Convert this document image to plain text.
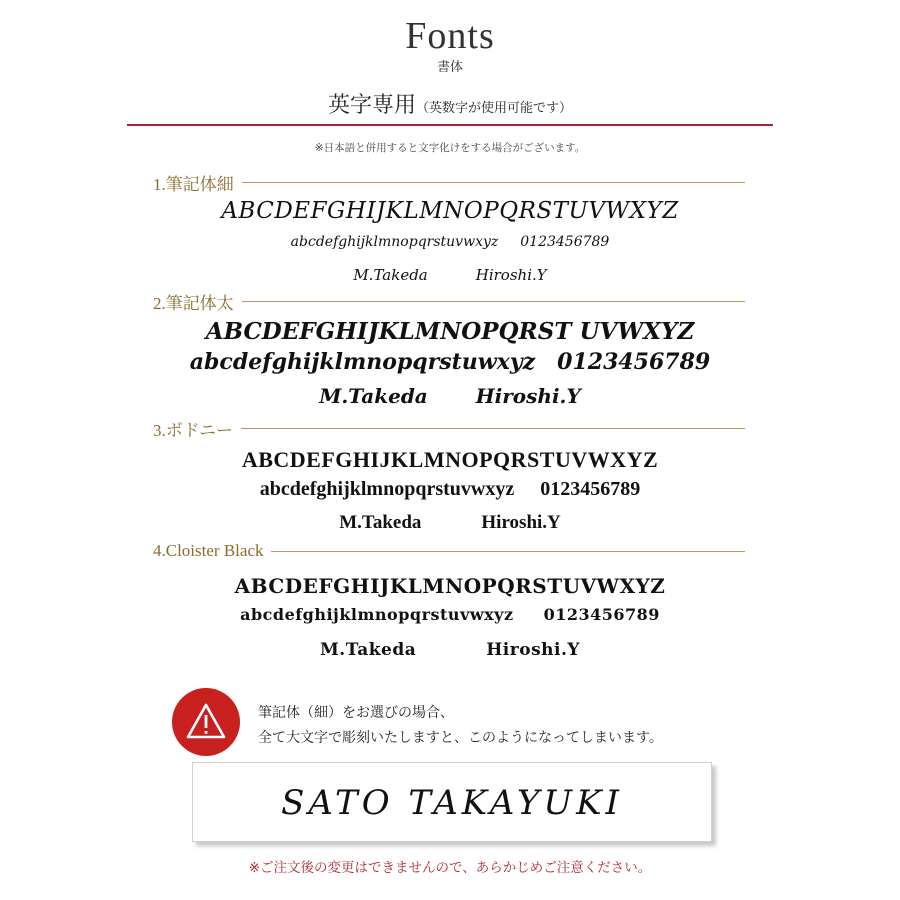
Fonts
書体
英字専用（英数字が使用可能です）
※日本語と併用すると文字化けをする場合がございます。
1.筆記体細
ABCDEFGHIJKLMNOPQRSTUVWXYZ
abcdefghijklmnopqrstuvwxyz 0123456789
M.Takeda	Hiroshi.Y
2.筆記体太
ABCDEFGHIJKLMNOPQRST UVWXYZ
abcdefghijklmnopqrstuwxyz 0123456789
M.Takeda Hiroshi.Y
3.ボドニー
ABCDEFGHIJKLMNOPQRSTUVWXYZ
abcdefghijklmnopqrstuvwxyz 0123456789
M.Takeda	Hiroshi.Y
4.Cloister Black
ABCDEFGHIJKLMNOPQRSTUVWXYZ
abcdefghijklmnopqrstuvwxyz 0123456789
M.Takeda	Hiroshi.Y
筆記体（細）をお選びの場合、
全て大文字で彫刻いたしますと、このようになってしまいます。
SATO TAKAYUKI
※ご注文後の変更はできませんので、あらかじめご注意ください。
